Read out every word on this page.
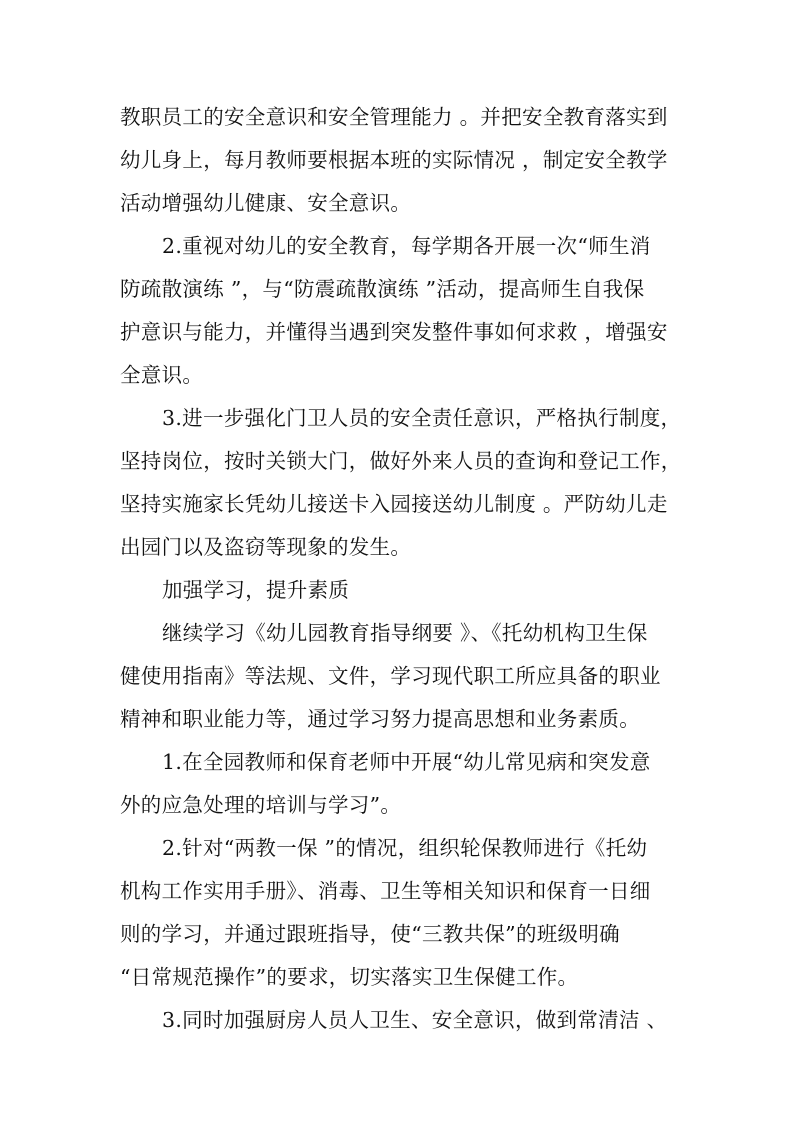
教职员工的安全意识和安全管理能力 。并把安全教育落实到
幼儿身上，每月教师要根据本班的实际情况 ，制定安全教学
活动增强幼儿健康、安全意识。
2.重视对幼儿的安全教育，每学期各开展一次“师生消
防疏散演练 ”，与“防震疏散演练 ”活动，提高师生自我保
护意识与能力，并懂得当遇到突发整件事如何求救 ，增强安
全意识。
3.进一步强化门卫人员的安全责任意识，严格执行制度，
坚持岗位，按时关锁大门，做好外来人员的查询和登记工作，
坚持实施家长凭幼儿接送卡入园接送幼儿制度 。严防幼儿走
出园门以及盗窃等现象的发生。
加强学习，提升素质
继续学习《幼儿园教育指导纲要 》、《托幼机构卫生保
健使用指南》等法规、文件，学习现代职工所应具备的职业
精神和职业能力等，通过学习努力提高思想和业务素质。
1.在全园教师和保育老师中开展“幼儿常见病和突发意
外的应急处理的培训与学习”。
2.针对“两教一保 ”的情况，组织轮保教师进行《托幼
机构工作实用手册》、消毒、卫生等相关知识和保育一日细
则的学习，并通过跟班指导，使“三教共保”的班级明确
“日常规范操作”的要求，切实落实卫生保健工作。
3.同时加强厨房人员人卫生、安全意识，做到常清洁 、
